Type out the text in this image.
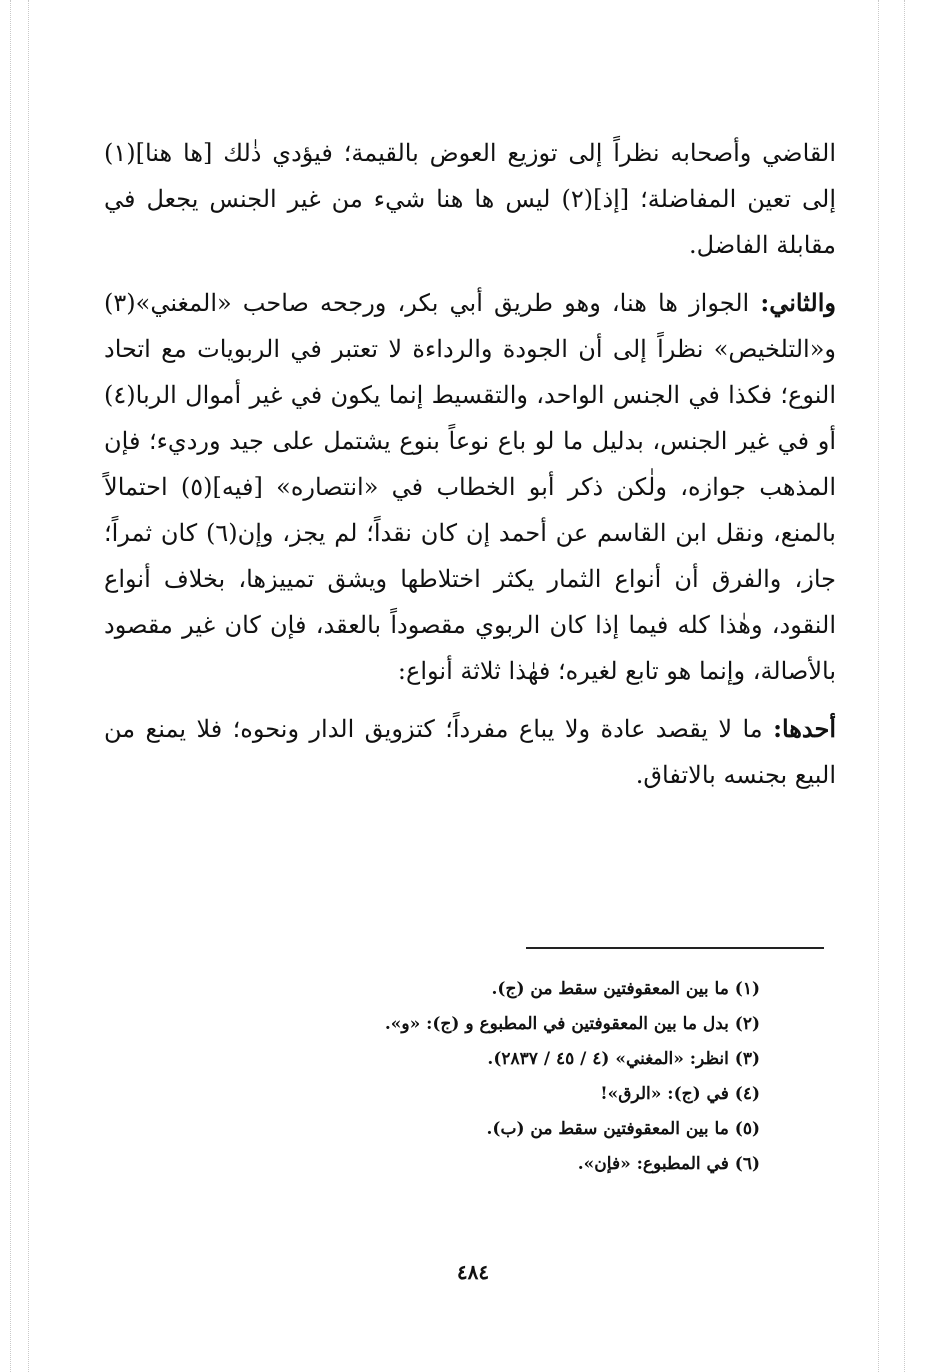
القاضي وأصحابه نظراً إلى توزيع العوض بالقيمة؛ فيؤدي ذٰلك [ها هنا](١) إلى تعين المفاضلة؛ [إذ](٢) ليس ها هنا شيء من غير الجنس يجعل في مقابلة الفاضل.

والثاني: الجواز ها هنا، وهو طريق أبي بكر، ورجحه صاحب «المغني»(٣) و«التلخيص» نظراً إلى أن الجودة والرداءة لا تعتبر في الربويات مع اتحاد النوع؛ فكذا في الجنس الواحد، والتقسيط إنما يكون في غير أموال الربا(٤) أو في غير الجنس، بدليل ما لو باع نوعاً بنوع يشتمل على جيد ورديء؛ فإن المذهب جوازه، ولٰكن ذكر أبو الخطاب في «انتصاره» [فيه](٥) احتمالاً بالمنع، ونقل ابن القاسم عن أحمد إن كان نقداً؛ لم يجز، وإن(٦) كان ثمراً؛ جاز، والفرق أن أنواع الثمار يكثر اختلاطها ويشق تمييزها، بخلاف أنواع النقود، وهٰذا كله فيما إذا كان الربوي مقصوداً بالعقد، فإن كان غير مقصود بالأصالة، وإنما هو تابع لغيره؛ فهٰذا ثلاثة أنواع:

أحدها: ما لا يقصد عادة ولا يباع مفرداً؛ كتزويق الدار ونحوه؛ فلا يمنع من البيع بجنسه بالاتفاق.

(١) ما بين المعقوفتين سقط من (ج).
(٢) بدل ما بين المعقوفتين في المطبوع و (ج): «و».
(٣) انظر: «المغني» (٤ / ٤٥ / ٢٨٣٧).
(٤) في (ج): «الرق»!
(٥) ما بين المعقوفتين سقط من (ب).
(٦) في المطبوع: «فإن».
٤٨٤
